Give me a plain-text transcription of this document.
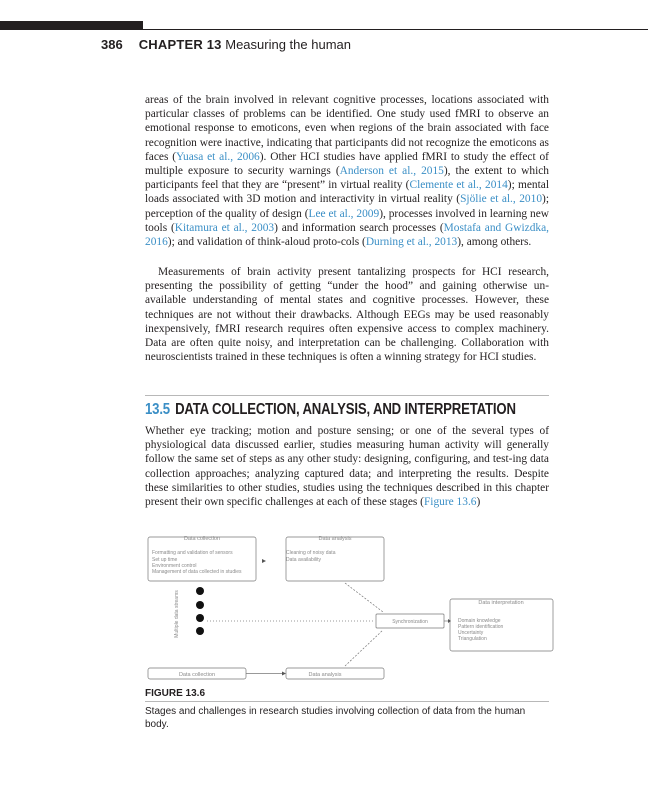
386 CHAPTER 13 Measuring the human

areas of the brain involved in relevant cognitive processes, locations associated with particular classes of problems can be identified. One study used fMRI to observe an emotional response to emoticons, even when regions of the brain associated with face recognition were inactive, indicating that participants did not recognize the emoticons as faces (Yuasa et al., 2006). Other HCI studies have applied fMRI to study the effect of multiple exposure to security warnings (Anderson et al., 2015), the extent to which participants feel that they are “present” in virtual reality (Clemente et al., 2014); mental loads associated with 3D motion and interactivity in virtual reality (Sjölie et al., 2010); perception of the quality of design (Lee et al., 2009), processes involved in learning new tools (Kitamura et al., 2003) and information search processes (Mostafa and Gwizdka, 2016); and validation of think-aloud proto-cols (Durning et al., 2013), among others.

Measurements of brain activity present tantalizing prospects for HCI research, presenting the possibility of getting “under the hood” and gaining otherwise un-available understanding of mental states and cognitive processes. However, these techniques are not without their drawbacks. Although EEGs may be used reasonably inexpensively, fMRI research requires often expensive access to complex machinery. Data are often quite noisy, and interpretation can be challenging. Collaboration with neuroscientists trained in these techniques is often a winning strategy for HCI studies.

13.5 DATA COLLECTION, ANALYSIS, AND INTERPRETATION

Whether eye tracking; motion and posture sensing; or one of the several types of physiological data discussed earlier, studies measuring human activity will generally follow the same set of steps as any other study: designing, configuring, and test-ing data collection approaches; analyzing captured data; and interpreting the results. Despite these similarities to other studies, studies using the techniques described in this chapter present their own specific challenges at each of these stages (Figure 13.6)

Data collection
Formatting and validation of sensors
Set up time
Environment control
Management of data collected in studies
Data analysis
Cleaning of noisy data
Data availability
Data interpretation
Domain knowledge
Pattern identification
Uncertainty
Triangulation
Synchronization
Multiple data streams
Data collection	Data analysis
FIGURE 13.6
Stages and challenges in research studies involving collection of data from the human body.
